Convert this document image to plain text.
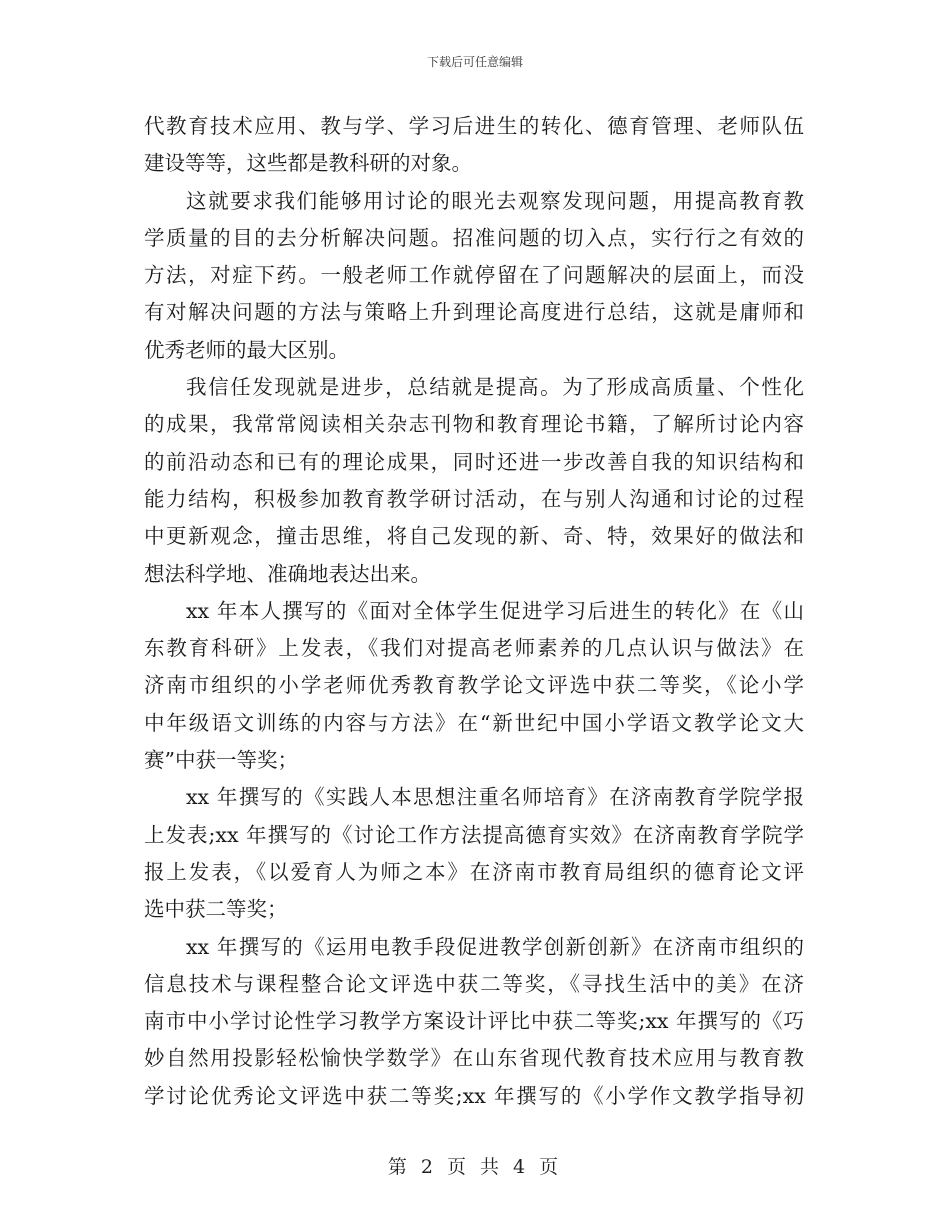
下载后可任意编辑
代教育技术应用、教与学、学习后进生的转化、德育管理、老师队伍
建设等等，这些都是教科研的对象。
这就要求我们能够用讨论的眼光去观察发现问题，用提高教育教
学质量的目的去分析解决问题。招准问题的切入点，实行行之有效的
方法，对症下药。一般老师工作就停留在了问题解决的层面上，而没
有对解决问题的方法与策略上升到理论高度进行总结，这就是庸师和
优秀老师的最大区别。
我信任发现就是进步，总结就是提高。为了形成高质量、个性化
的成果，我常常阅读相关杂志刊物和教育理论书籍，了解所讨论内容
的前沿动态和已有的理论成果，同时还进一步改善自我的知识结构和
能力结构，积极参加教育教学研讨活动，在与别人沟通和讨论的过程
中更新观念，撞击思维，将自己发现的新、奇、特，效果好的做法和
想法科学地、准确地表达出来。
xx 年本人撰写的《面对全体学生促进学习后进生的转化》在《山
东教育科研》上发表，《我们对提高老师素养的几点认识与做法》在
济南市组织的小学老师优秀教育教学论文评选中获二等奖，《论小学
中年级语文训练的内容与方法》在“新世纪中国小学语文教学论文大
赛”中获一等奖；
xx 年撰写的《实践人本思想注重名师培育》在济南教育学院学报
上发表;xx 年撰写的《讨论工作方法提高德育实效》在济南教育学院学
报上发表，《以爱育人为师之本》在济南市教育局组织的德育论文评
选中获二等奖；
xx 年撰写的《运用电教手段促进教学创新创新》在济南市组织的
信息技术与课程整合论文评选中获二等奖，《寻找生活中的美》在济
南市中小学讨论性学习教学方案设计评比中获二等奖;xx 年撰写的《巧
妙自然用投影轻松愉快学数学》在山东省现代教育技术应用与教育教
学讨论优秀论文评选中获二等奖;xx 年撰写的《小学作文教学指导初
第 2 页 共 4 页
